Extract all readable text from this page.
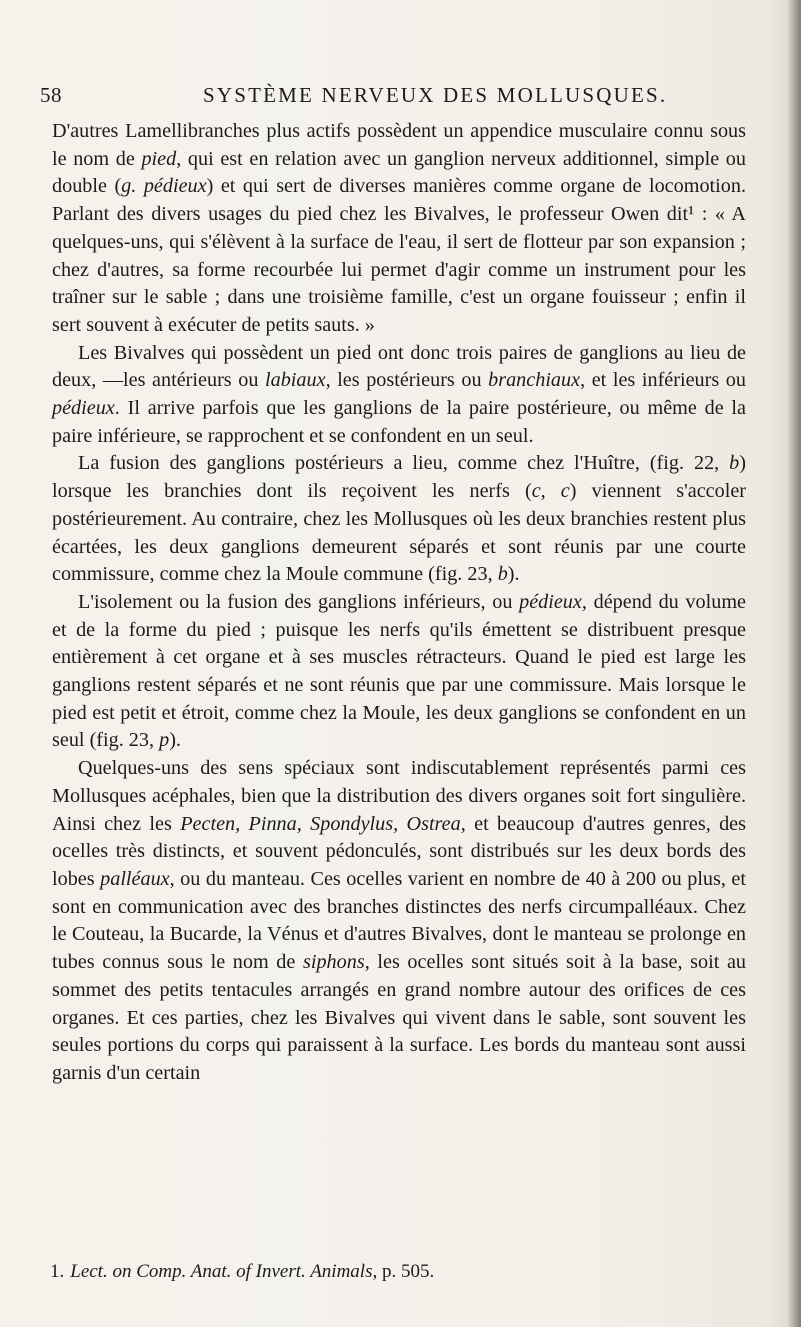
58	SYSTÈME NERVEUX DES MOLLUSQUES.

D'autres Lamellibranches plus actifs possèdent un appendice musculaire connu sous le nom de pied, qui est en relation avec un ganglion nerveux additionnel, simple ou double (g. pédieux) et qui sert de diverses manières comme organe de locomotion. Parlant des divers usages du pied chez les Bivalves, le professeur Owen dit¹ : « A quelques-uns, qui s'élèvent à la surface de l'eau, il sert de flotteur par son expansion ; chez d'autres, sa forme recourbée lui permet d'agir comme un instrument pour les traîner sur le sable ; dans une troisième famille, c'est un organe fouisseur ; enfin il sert souvent à exécuter de petits sauts. »

Les Bivalves qui possèdent un pied ont donc trois paires de ganglions au lieu de deux, —les antérieurs ou labiaux, les postérieurs ou branchiaux, et les inférieurs ou pédieux. Il arrive parfois que les ganglions de la paire postérieure, ou même de la paire inférieure, se rapprochent et se confondent en un seul.

La fusion des ganglions postérieurs a lieu, comme chez l'Huître, (fig. 22, b) lorsque les branchies dont ils reçoivent les nerfs (c, c) viennent s'accoler postérieurement. Au contraire, chez les Mollusques où les deux branchies restent plus écartées, les deux ganglions demeurent séparés et sont réunis par une courte commissure, comme chez la Moule commune (fig. 23, b).

L'isolement ou la fusion des ganglions inférieurs, ou pédieux, dépend du volume et de la forme du pied ; puisque les nerfs qu'ils émettent se distribuent presque entièrement à cet organe et à ses muscles rétracteurs. Quand le pied est large les ganglions restent séparés et ne sont réunis que par une commissure. Mais lorsque le pied est petit et étroit, comme chez la Moule, les deux ganglions se confondent en un seul (fig. 23, p).

Quelques-uns des sens spéciaux sont indiscutablement représentés parmi ces Mollusques acéphales, bien que la distribution des divers organes soit fort singulière. Ainsi chez les Pecten, Pinna, Spondylus, Ostrea, et beaucoup d'autres genres, des ocelles très distincts, et souvent pédonculés, sont distribués sur les deux bords des lobes palléaux, ou du manteau. Ces ocelles varient en nombre de 40 à 200 ou plus, et sont en communication avec des branches distinctes des nerfs circumpalléaux. Chez le Couteau, la Bucarde, la Vénus et d'autres Bivalves, dont le manteau se prolonge en tubes connus sous le nom de siphons, les ocelles sont situés soit à la base, soit au sommet des petits tentacules arrangés en grand nombre autour des orifices de ces organes. Et ces parties, chez les Bivalves qui vivent dans le sable, sont souvent les seules portions du corps qui paraissent à la surface. Les bords du manteau sont aussi garnis d'un certain

1. Lect. on Comp. Anat. of Invert. Animals, p. 505.
